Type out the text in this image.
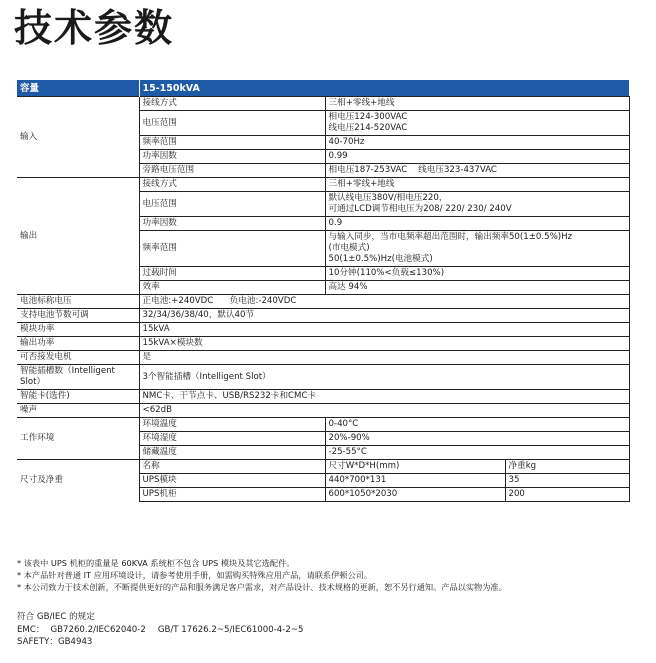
技术参数
容量	15-150kVA		
输入	接线方式	三相+零线+地线	
	电压范围	相电压124-300VAC
线电压214-520VAC	

	频率范围	40-70Hz	
	功率因数	0.99	
	旁路电压范围	相电压187-253VAC    线电压323-437VAC	
输出	接线方式	三相+零线+地线	
	电压范围	默认线电压380V/相电压220，
可通过LCD调节相电压为208/ 220/ 230/ 240V	

	功率因数	0.9	
	频率范围	与输入同步，当市电频率超出范围时，输出频率50(1±0.5%)Hz
(市电模式)
50(1±0.5%)Hz(电池模式)	

	过载时间	10分钟(110%<负载≤130%)	
	效率	高达 94%	
电池标称电压	正电池:+240VDC      负电池:-240VDC		
支持电池节数可调	32/34/36/38/40，默认40节		
模块功率	15kVA		
输出功率	15kVA×模块数		
可否接发电机	是		
智能插槽数（Intelligent Slot）	3个智能插槽（Intelligent Slot）		
智能卡(选件)	NMC卡、干节点卡、USB/RS232卡和CMC卡		
噪声	<62dB		
工作环境	环境温度	0-40°C	
	环境湿度	20%-90%	
	储藏温度	-25-55°C	
尺寸及净重	名称	尺寸W*D*H(mm)	净重kg
	UPS模块	440*700*131	35
	UPS机柜	600*1050*2030	200
* 该表中 UPS 机柜的重量是 60KVA 系统柜不包含 UPS 模块及其它选配件。
* 本产品针对普通 IT 应用环境设计，请参考使用手册，如需购买特殊应用产品，请联系伊顿公司。
* 本公司致力于技术创新，不断提供更好的产品和服务满足客户需求，对产品设计、技术规格的更新，恕不另行通知。产品以实物为准。
符合 GB/IEC 的规定
EMC： GB7260.2/IEC62040-2 GB/T 17626.2~5/IEC61000-4-2~5
SAFETY：GB4943
